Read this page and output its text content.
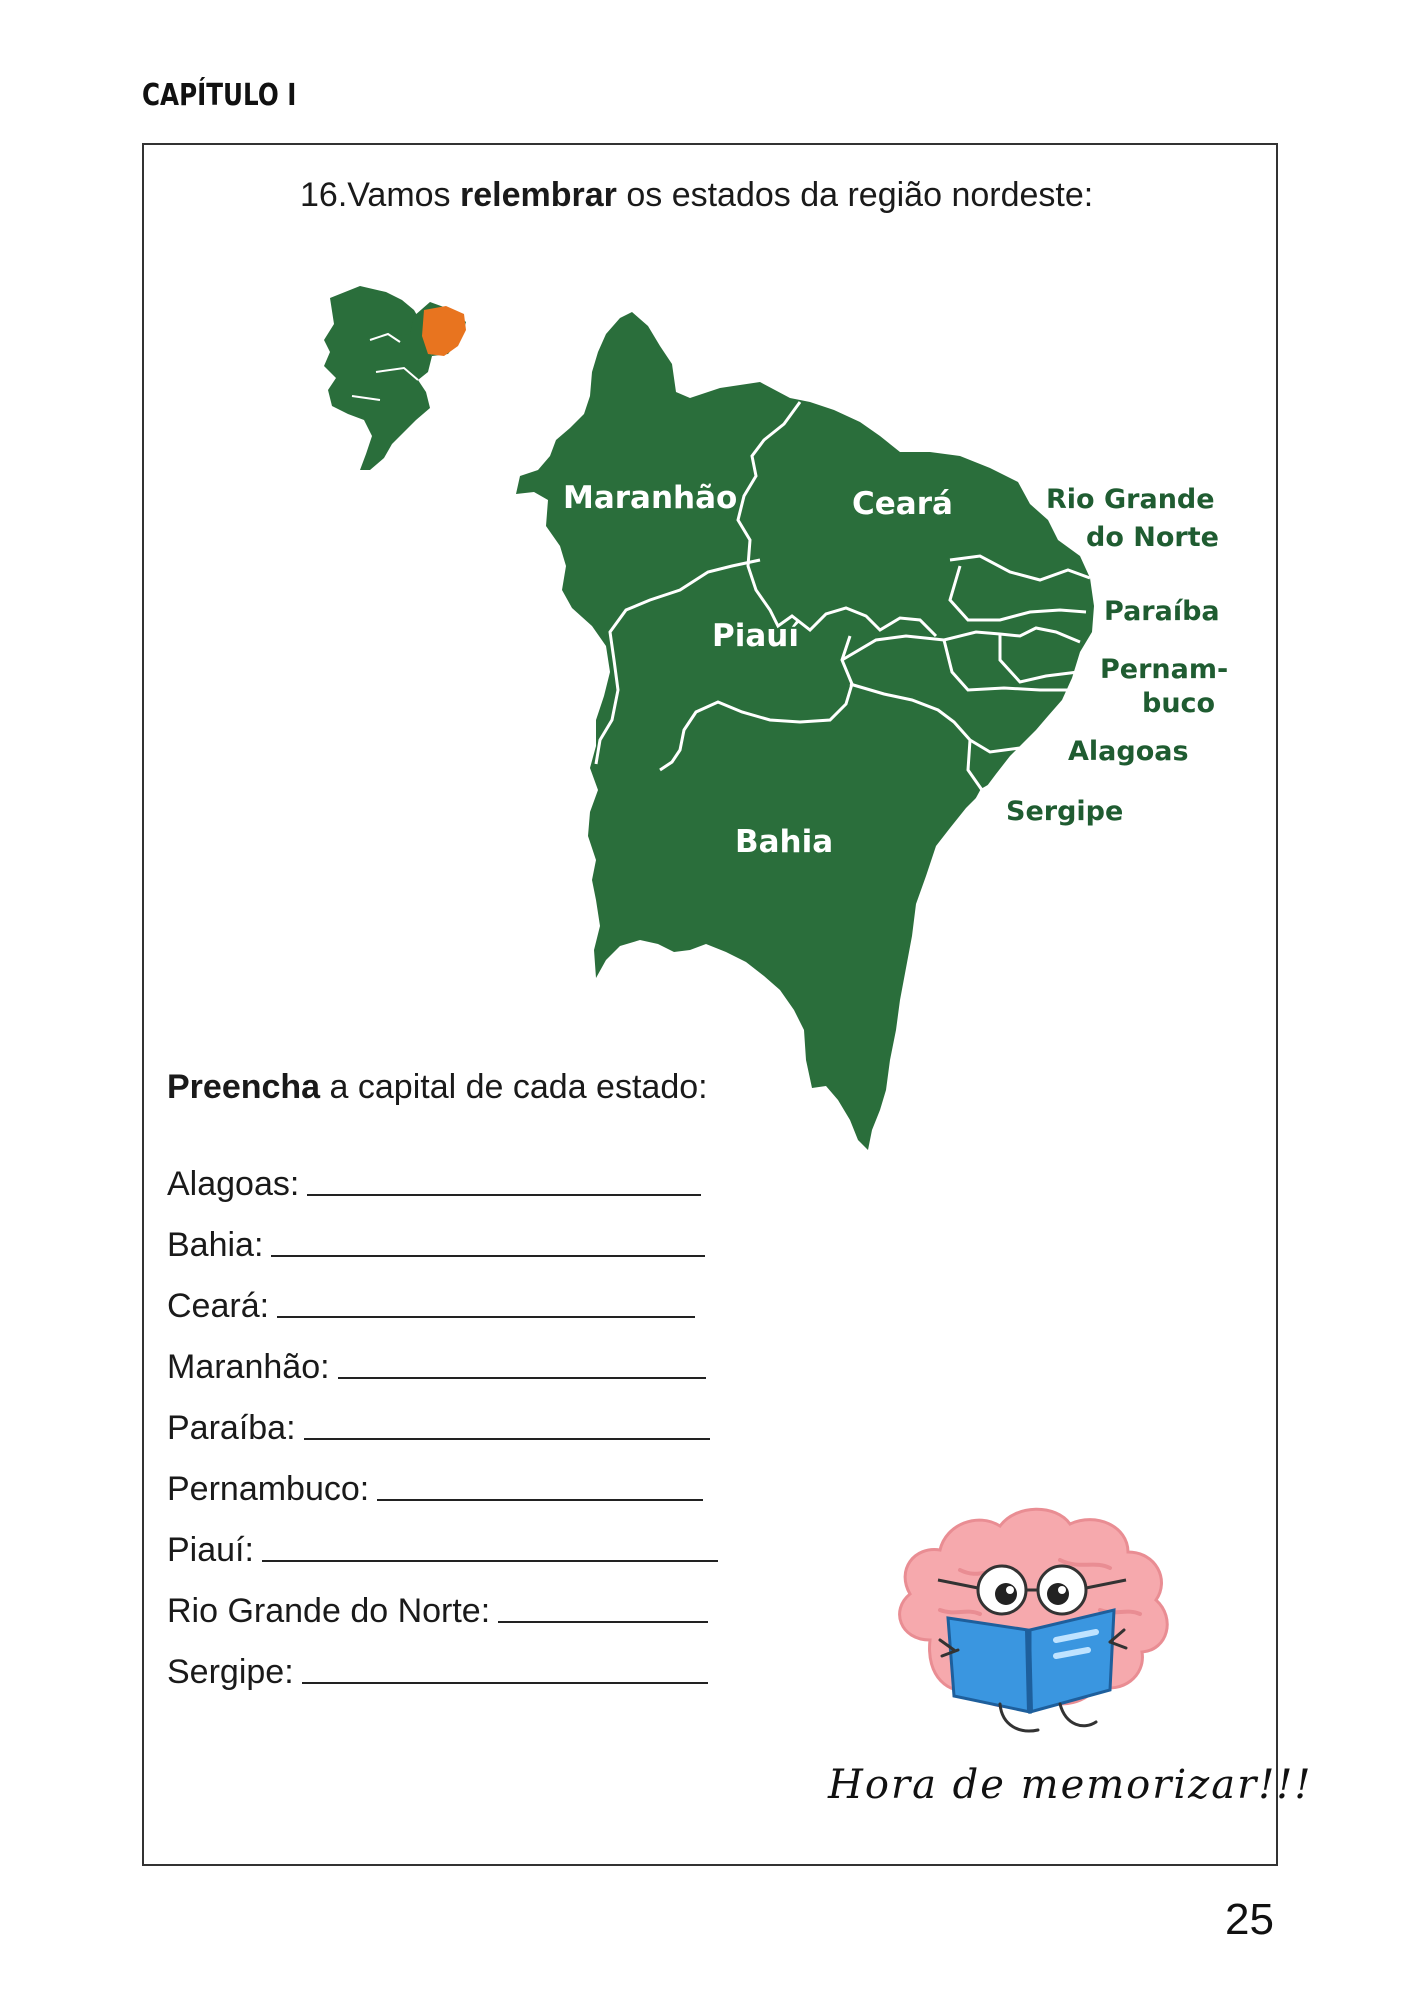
CAPÍTULO I
16.Vamos relembrar os estados da região nordeste:
Maranhão	Ceará
Piauí
Bahia
Rio Grande
do Norte
Paraíba
Pernam-
buco
Alagoas
Sergipe
Preencha a capital de cada estado:
Alagoas:
Bahia:
Ceará:
Maranhão:
Paraíba:
Pernambuco:
Piauí:
Rio Grande do Norte:
Sergipe:
Hora de memorizar!!!
25
